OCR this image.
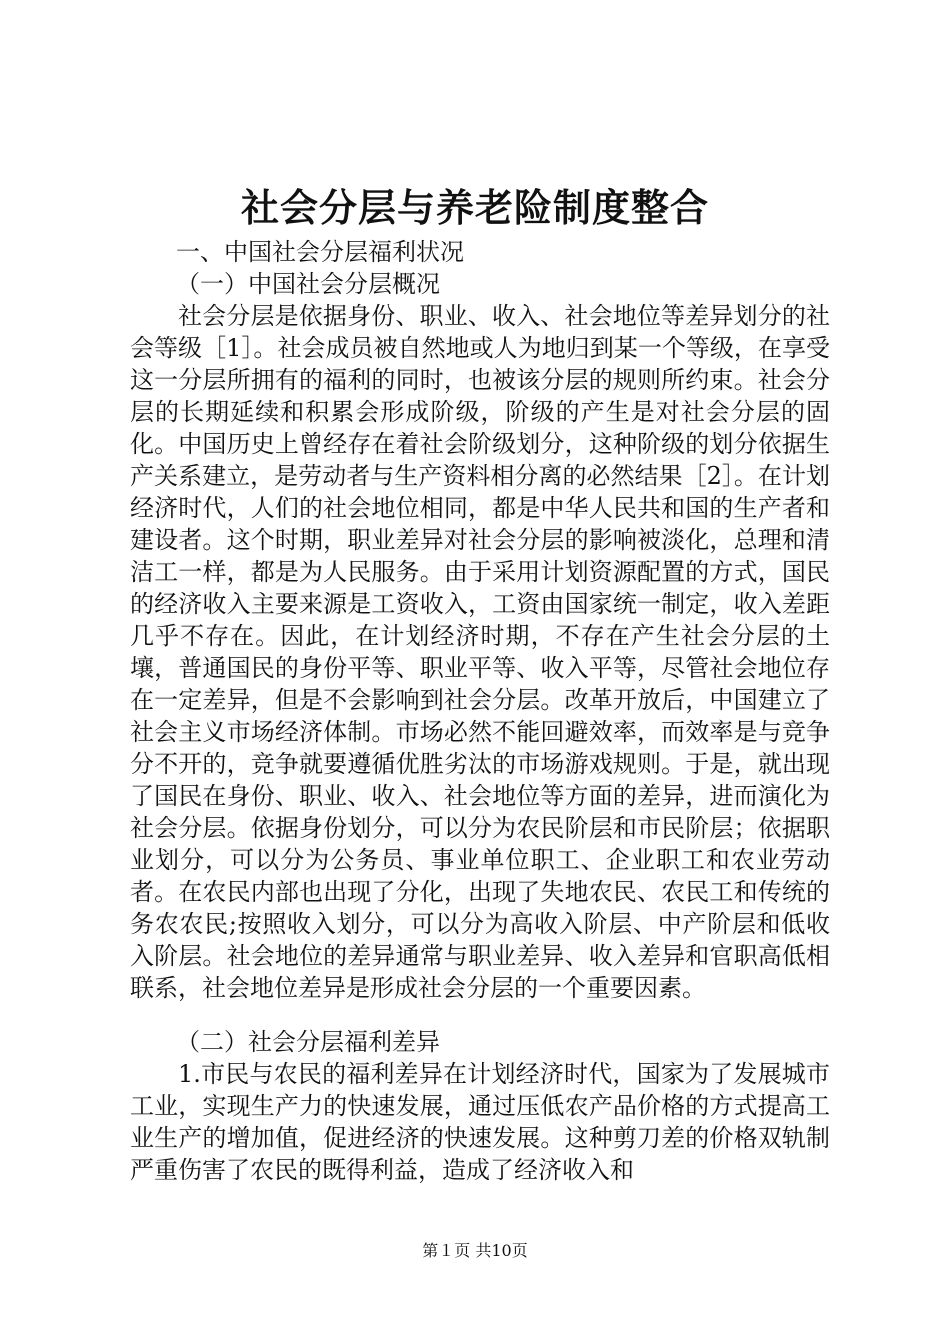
社会分层与养老险制度整合
一、中国社会分层福利状况
（一）中国社会分层概况

社会分层是依据身份、职业、收入、社会地位等差异划分的社会等级［1］。社会成员被自然地或人为地归到某一个等级，在享受这一分层所拥有的福利的同时，也被该分层的规则所约束。社会分层的长期延续和积累会形成阶级，阶级的产生是对社会分层的固化。中国历史上曾经存在着社会阶级划分，这种阶级的划分依据生产关系建立，是劳动者与生产资料相分离的必然结果［2］。在计划经济时代，人们的社会地位相同，都是中华人民共和国的生产者和建设者。这个时期，职业差异对社会分层的影响被淡化，总理和清洁工一样，都是为人民服务。由于采用计划资源配置的方式，国民的经济收入主要来源是工资收入，工资由国家统一制定，收入差距几乎不存在。因此，在计划经济时期，不存在产生社会分层的土壤，普通国民的身份平等、职业平等、收入平等，尽管社会地位存在一定差异，但是不会影响到社会分层。改革开放后，中国建立了社会主义市场经济体制。市场必然不能回避效率，而效率是与竞争分不开的，竞争就要遵循优胜劣汰的市场游戏规则。于是，就出现了国民在身份、职业、收入、社会地位等方面的差异，进而演化为社会分层。依据身份划分，可以分为农民阶层和市民阶层；依据职业划分，可以分为公务员、事业单位职工、企业职工和农业劳动者。在农民内部也出现了分化，出现了失地农民、农民工和传统的务农农民;按照收入划分，可以分为高收入阶层、中产阶层和低收入阶层。社会地位的差异通常与职业差异、收入差异和官职高低相联系，社会地位差异是形成社会分层的一个重要因素。

（二）社会分层福利差异

1.市民与农民的福利差异在计划经济时代，国家为了发展城市工业，实现生产力的快速发展，通过压低农产品价格的方式提高工业生产的增加值，促进经济的快速发展。这种剪刀差的价格双轨制严重伤害了农民的既得利益，造成了经济收入和

第１页 共10页
